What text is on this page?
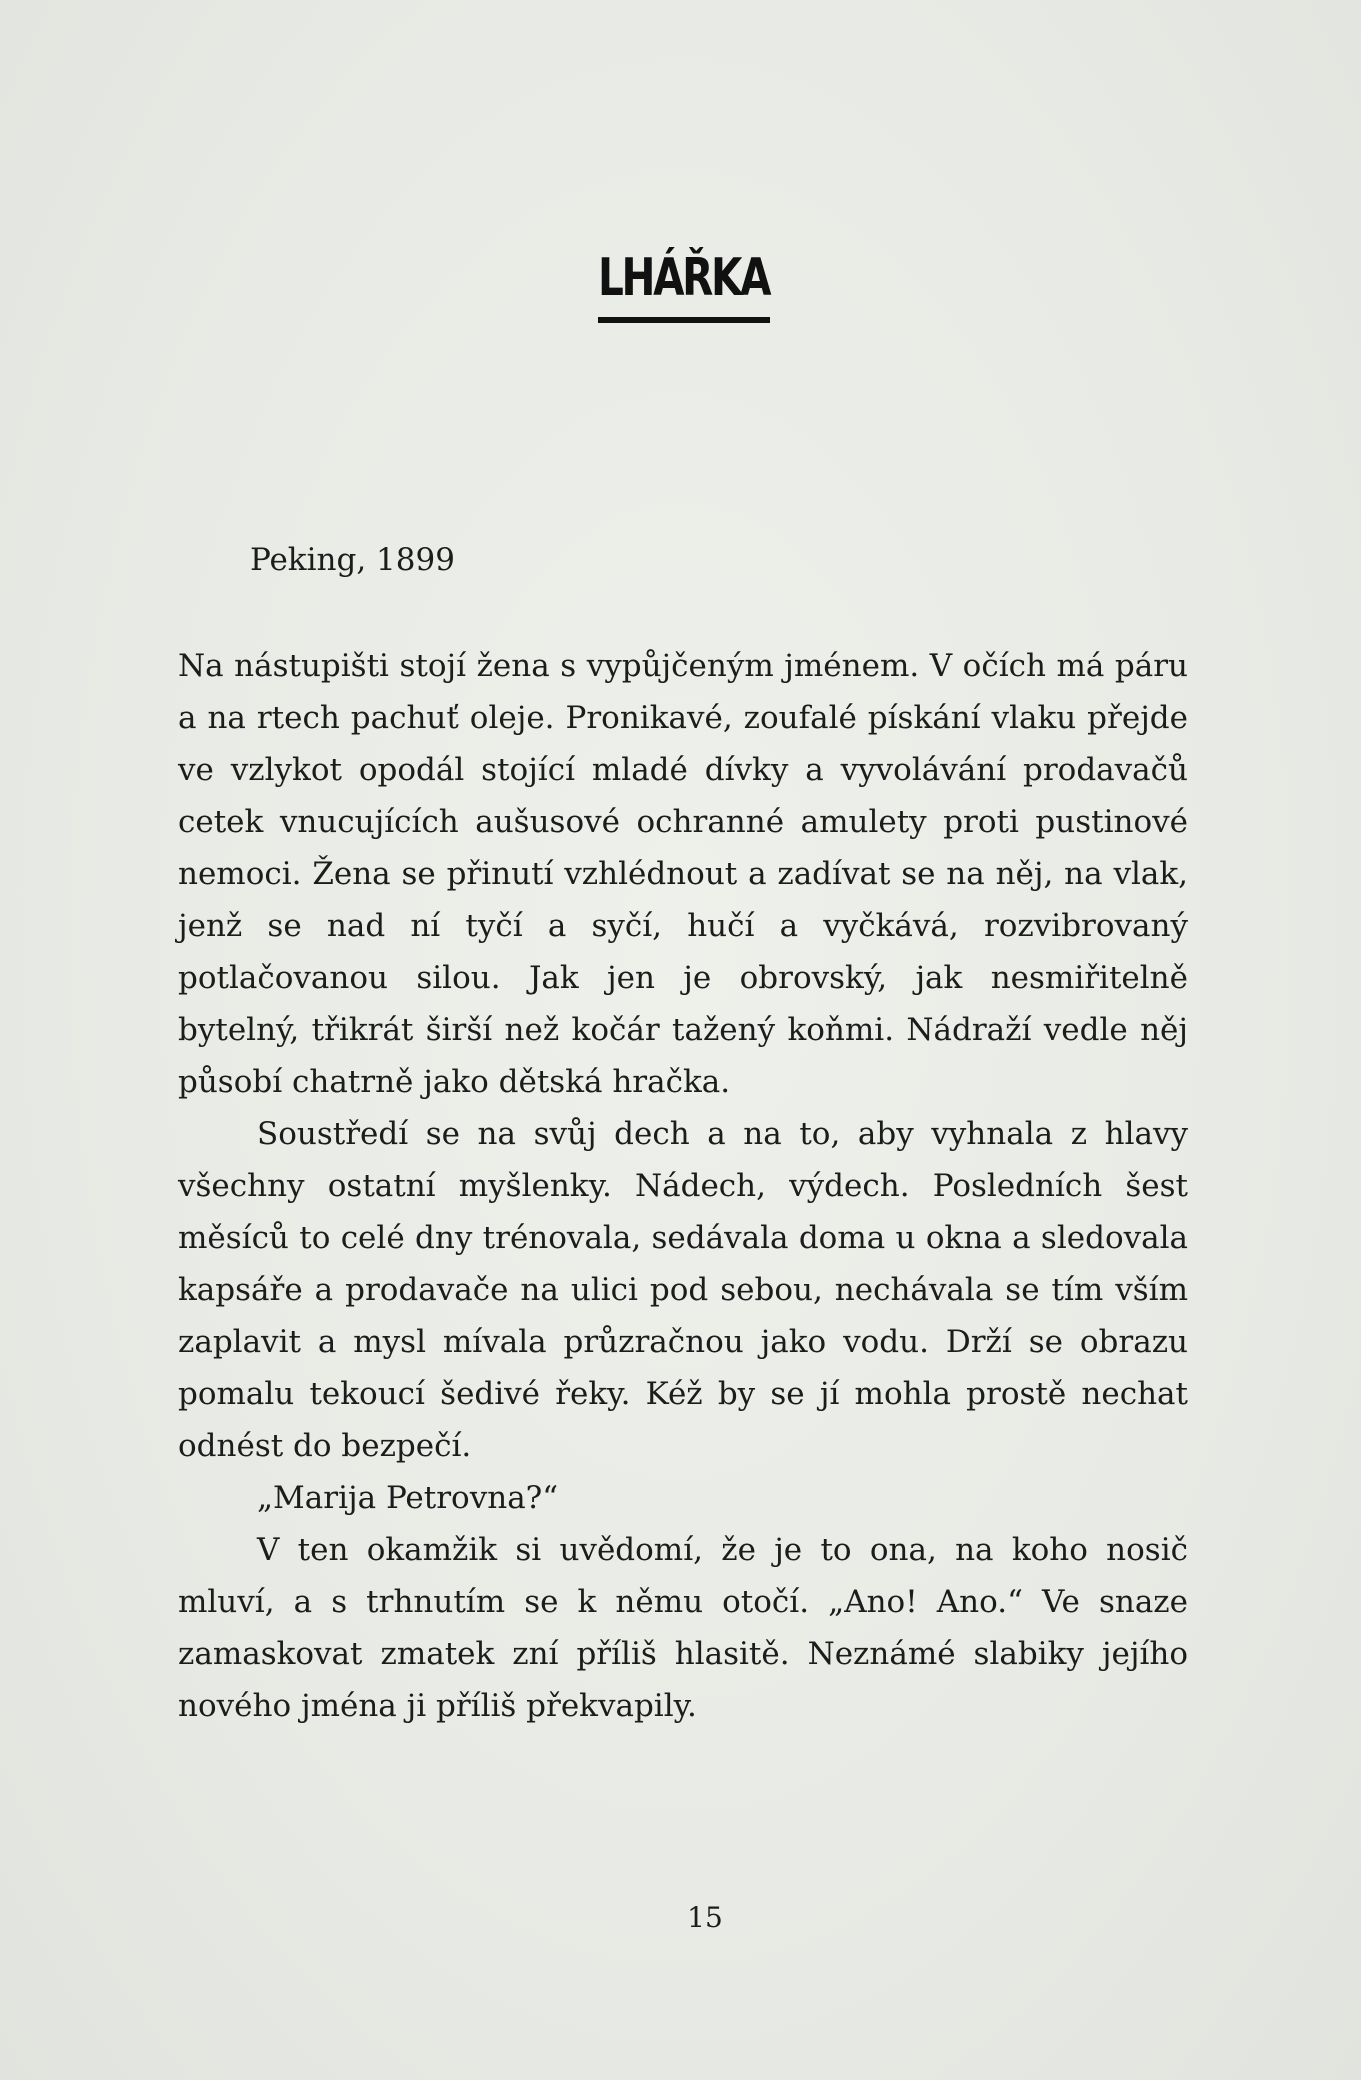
LHÁŘKA

Peking, 1899

Na nástupišti stojí žena s vypůjčeným jménem. V očích má páru a na rtech pachuť oleje. Pronikavé, zoufalé pískání vlaku přejde ve vzlykot opodál stojící mladé dívky a vyvolávání prodavačů cetek vnucujících aušusové ochranné amulety proti pustinové nemoci. Žena se přinutí vzhlédnout a zadívat se na něj, na vlak, jenž se nad ní tyčí a syčí, hučí a vyčkává, rozvibrovaný potlačovanou silou. Jak jen je obrovský, jak nesmiřitelně bytelný, třikrát širší než kočár tažený koňmi. Nádraží vedle něj působí chatrně jako dětská hračka.

Soustředí se na svůj dech a na to, aby vyhnala z hlavy všechny ostatní myšlenky. Nádech, výdech. Posledních šest měsíců to celé dny trénovala, sedávala doma u okna a sledovala kapsáře a prodavače na ulici pod sebou, nechávala se tím vším zaplavit a mysl mívala průzračnou jako vodu. Drží se obrazu pomalu tekoucí šedivé řeky. Kéž by se jí mohla prostě nechat odnést do bezpečí.

„Marija Petrovna?“

V ten okamžik si uvědomí, že je to ona, na koho nosič mluví, a s trhnutím se k němu otočí. „Ano! Ano.“ Ve snaze zamaskovat zmatek zní příliš hlasitě. Neznámé slabiky jejího nového jména ji příliš překvapily.

15
